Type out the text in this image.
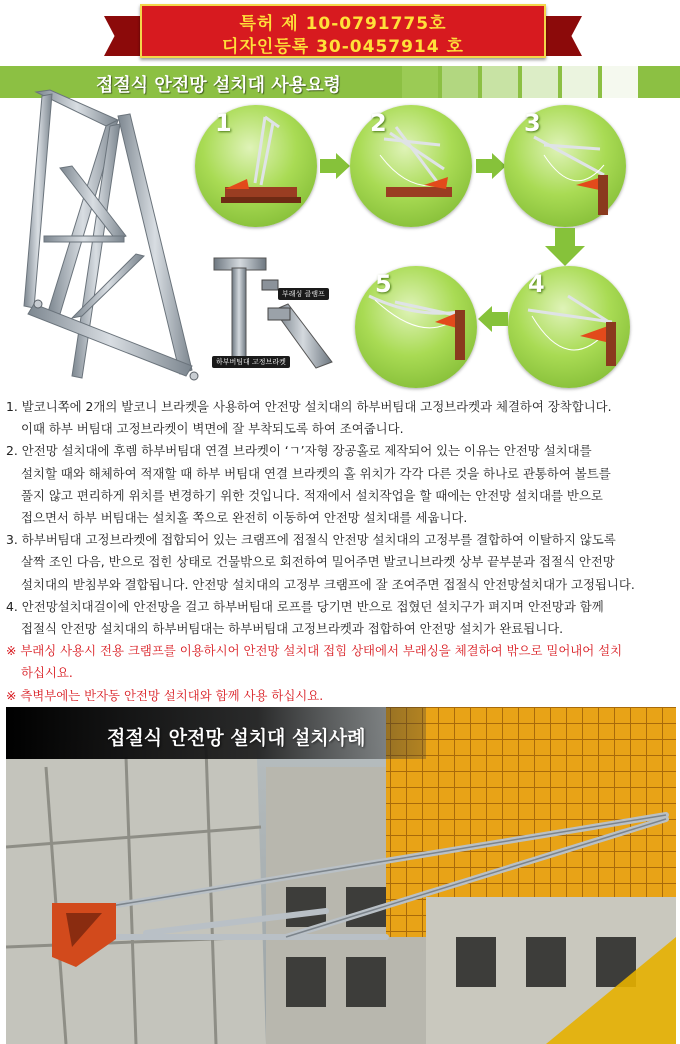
특허 제 10-0791775호
디자인등록 30-0457914 호
접절식 안전망 설치대 사용요령
1	2	3
4
5
부래싱 클램프
하부버팀대 고정브라켓
1. 발코니쪽에 2개의 발코니 브라켓을 사용하여 안전망 설치대의 하부버팀대 고정브라켓과 체결하여 장착합니다.
이때 하부 버팀대 고정브라켓이 벽면에 잘 부착되도록 하여 조여줍니다.
2. 안전망 설치대에 후렘 하부버팀대 연결 브라켓이 ‘ㄱ’자형 장공홀로 제작되어 있는 이유는 안전망 설치대를
설치할 때와 해체하여 적재할 때 하부 버팀대 연결 브라켓의 홀 위치가 각각 다른 것을 하나로 관통하여 볼트를
풀지 않고 편리하게 위치를 변경하기 위한 것입니다. 적재에서 설치작업을 할 때에는 안전망 설치대를 반으로
접으면서 하부 버팀대는 설치홀 쪽으로 완전히 이동하여 안전망 설치대를 세웁니다.
3. 하부버팀대 고정브라켓에 접합되어 있는 크램프에 접절식 안전망 설치대의 고정부를 결합하여 이탈하지 않도록
살짝 조인 다음, 반으로 접힌 상태로 건물밖으로 회전하여 밀어주면 발코니브라켓 상부 끝부분과 접절식 안전망
설치대의 받침부와 결합됩니다. 안전망 설치대의 고정부 크램프에 잘 조여주면 접절식 안전망설치대가 고정됩니다.
4. 안전망설치대걸이에 안전망을 걸고 하부버팀대 로프를 당기면 반으로 접혔던 설치구가 펴지며 안전망과 함께
접절식 안전망 설치대의 하부버팀대는 하부버팀대 고정브라켓과 접합하여 안전망 설치가 완료됩니다.
※ 부래싱 사용시 전용 크램프를 이용하시어 안전망 설치대 접힘 상태에서 부래싱을 체결하여 밖으로 밀어내어 설치
하십시요.
※ 측벽부에는 반자동 안전망 설치대와 함께 사용 하십시요.
접절식 안전망 설치대 설치사례
